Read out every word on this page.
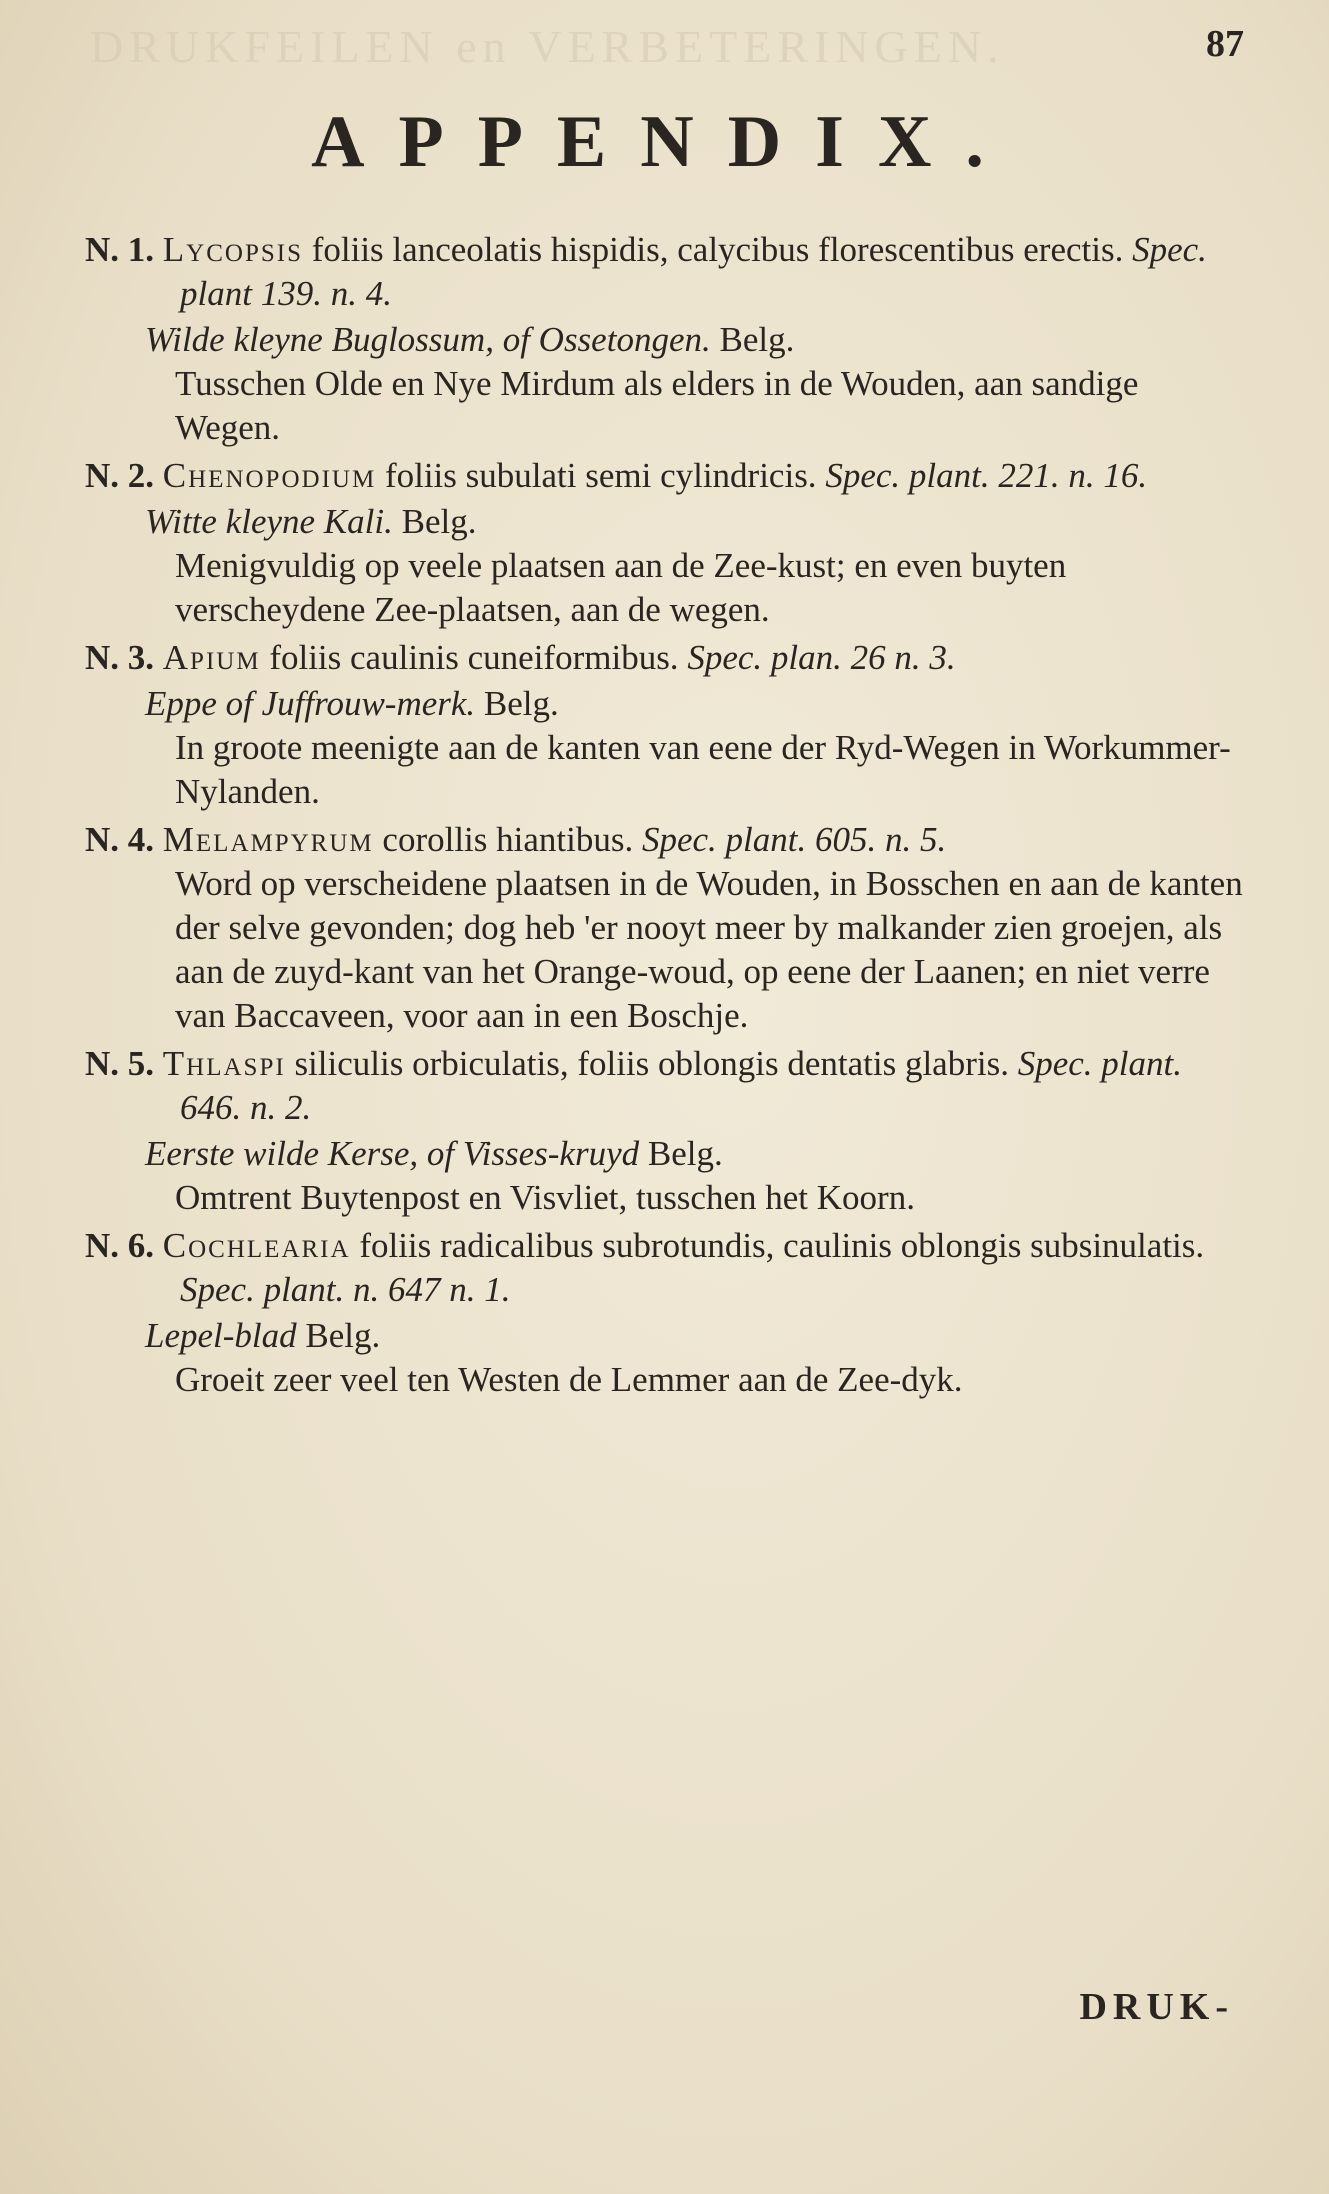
DRUKFEILEN en VERBETERINGEN.	87
APPENDIX.
N. 1. Lycopsis foliis lanceolatis hispidis, calycibus florescentibus erectis. Spec. plant 139. n. 4.
Wilde kleyne Buglossum, of Ossetongen. Belg.
Tusschen Olde en Nye Mirdum als elders in de Wouden, aan sandige Wegen.
N. 2. Chenopodium foliis subulati semi cylindricis. Spec. plant. 221. n. 16.
Witte kleyne Kali. Belg.
Menigvuldig op veele plaatsen aan de Zee-kust; en even buyten verscheydene Zee-plaatsen, aan de wegen.
N. 3. Apium foliis caulinis cuneiformibus. Spec. plan. 26 n. 3.
Eppe of Juffrouw-merk. Belg.
In groote meenigte aan de kanten van eene der Ryd-Wegen in Workummer-Nylanden.
N. 4. Melampyrum corollis hiantibus. Spec. plant. 605. n. 5.
Word op verscheidene plaatsen in de Wouden, in Bosschen en aan de kanten der selve gevonden; dog heb 'er nooyt meer by malkander zien groejen, als aan de zuyd-kant van het Orange-woud, op eene der Laanen; en niet verre van Baccaveen, voor aan in een Boschje.
N. 5. Thlaspi siliculis orbiculatis, foliis oblongis dentatis glabris. Spec. plant. 646. n. 2.
Eerste wilde Kerse, of Visses-kruyd Belg.
Omtrent Buytenpost en Visvliet, tusschen het Koorn.
N. 6. Cochlearia foliis radicalibus subrotundis, caulinis oblongis subsinulatis. Spec. plant. n. 647 n. 1.
Lepel-blad Belg.
Groeit zeer veel ten Westen de Lemmer aan de Zee-dyk.
DRUK-
